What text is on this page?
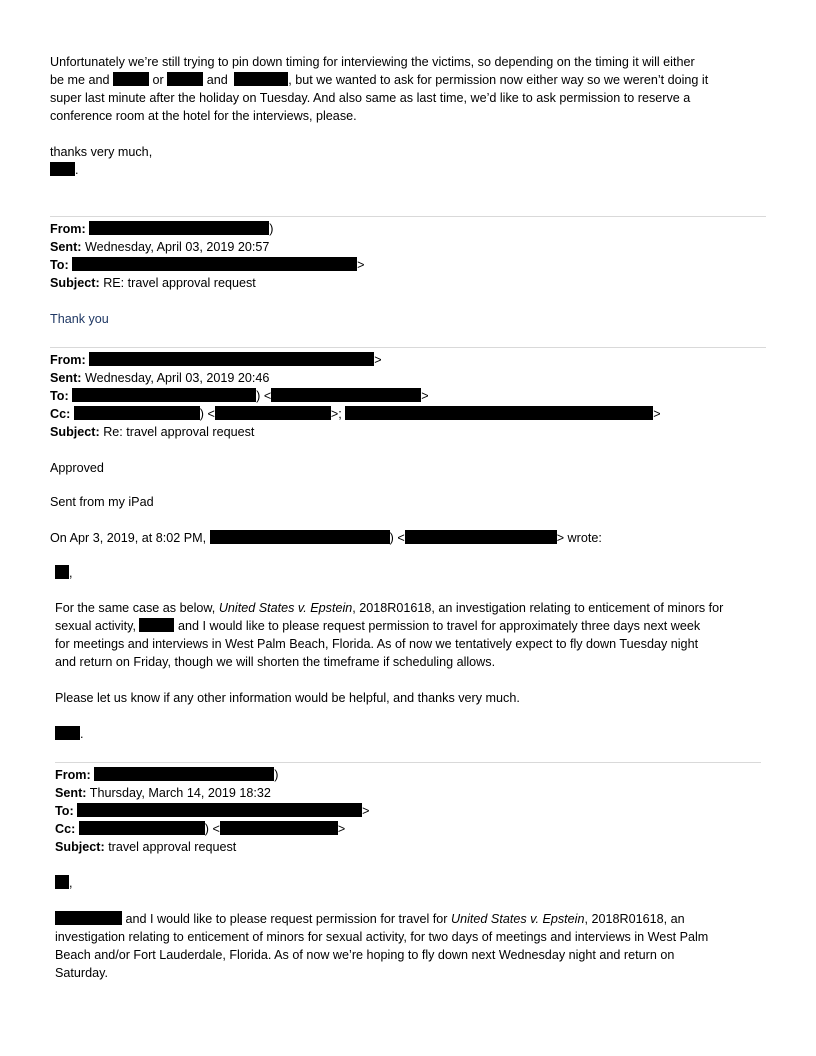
Unfortunately we’re still trying to pin down timing for interviewing the victims, so depending on the timing it will either
be me and	or	and	, but we wanted to ask for permission now either way so we weren’t doing it
super last minute after the holiday on Tuesday. And also same as last time, we’d like to ask permission to reserve a
conference room at the hotel for the interviews, please.
thanks very much,
.
From:	)
Sent: Wednesday, April 03, 2019 20:57
To:	>
Subject: RE: travel approval request
Thank you
From:	>
Sent: Wednesday, April 03, 2019 20:46
To:	) <	>
Cc:	) <	>;	>
Subject: Re: travel approval request
Approved
Sent from my iPad
On Apr 3, 2019, at 8:02 PM,	) <	> wrote:
,
For the same case as below, United States v. Epstein, 2018R01618, an investigation relating to enticement of minors for
sexual activity,	and I would like to please request permission to travel for approximately three days next week
for meetings and interviews in West Palm Beach, Florida. As of now we tentatively expect to fly down Tuesday night
and return on Friday, though we will shorten the timeframe if scheduling allows.
Please let us know if any other information would be helpful, and thanks very much.
.
From:	)
Sent: Thursday, March 14, 2019 18:32
To:	>
Cc:	) <	>
Subject: travel approval request
,
and I would like to please request permission for travel for United States v. Epstein, 2018R01618, an
investigation relating to enticement of minors for sexual activity, for two days of meetings and interviews in West Palm
Beach and/or Fort Lauderdale, Florida. As of now we’re hoping to fly down next Wednesday night and return on
Saturday.
